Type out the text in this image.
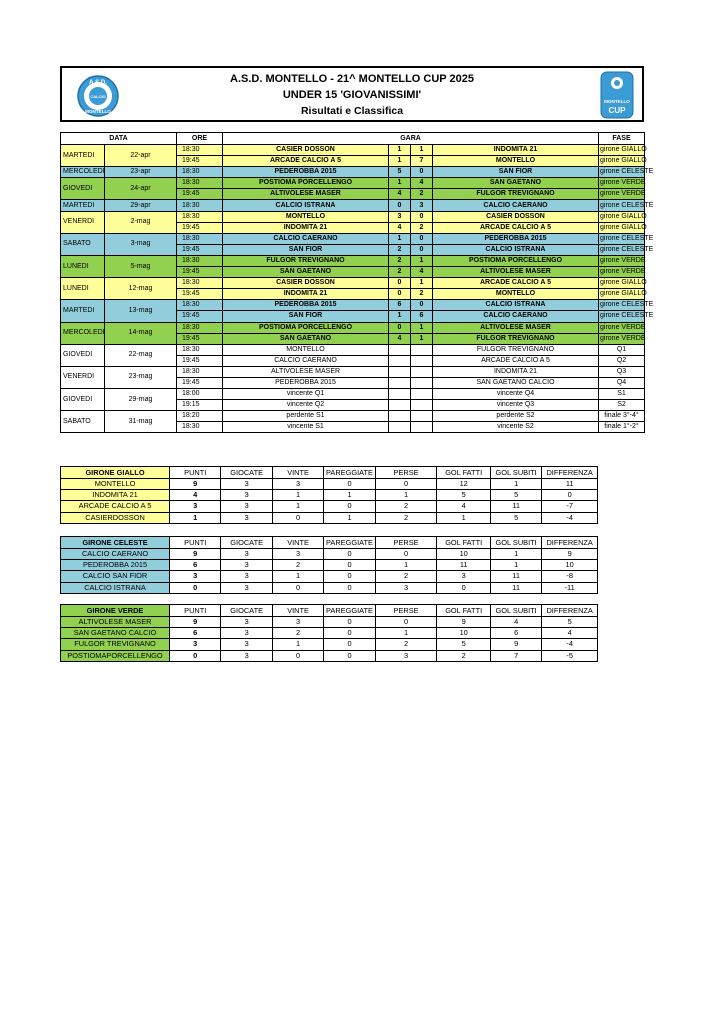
A.S.D.
CALCIO
MONTELLO
A.S.D. MONTELLO - 21^ MONTELLO CUP 2025
UNDER 15 'GIOVANISSIMI'
Risultati e Classifica
MONTELLO
CUP
DATA		ORE	GARA				FASE
MARTEDI	22-apr	18:30	CASIER DOSSON	1	1	INDOMITA 21	girone GIALLO
		19:45	ARCADE CALCIO A 5	1	7	MONTELLO	girone GIALLO
MERCOLEDI	23-apr	18:30	PEDEROBBA 2015	5	0	SAN FIOR	girone CELESTE
GIOVEDI	24-apr	18:30	POSTIOMA PORCELLENGO	1	4	SAN GAETANO	girone VERDE
		19:45	ALTIVOLESE MASER	4	2	FULGOR TREVIGNANO	girone VERDE
MARTEDI	29-apr	18:30	CALCIO ISTRANA	0	3	CALCIO CAERANO	girone CELESTE
VENERDI	2-mag	18:30	MONTELLO	3	0	CASIER DOSSON	girone GIALLO
		19:45	INDOMITA 21	4	2	ARCADE CALCIO A 5	girone GIALLO
SABATO	3-mag	18:30	CALCIO CAERANO	1	0	PEDEROBBA 2015	girone CELESTE
		19:45	SAN FIOR	2	0	CALCIO ISTRANA	girone CELESTE
LUNEDI	5-mag	18:30	FULGOR TREVIGNANO	2	1	POSTIOMA PORCELLENGO	girone VERDE
		19:45	SAN GAETANO	2	4	ALTIVOLESE MASER	girone VERDE
LUNEDI	12-mag	18:30	CASIER DOSSON	0	1	ARCADE CALCIO A 5	girone GIALLO
		19:45	INDOMITA 21	0	2	MONTELLO	girone GIALLO
MARTEDI	13-mag	18:30	PEDEROBBA 2015	6	0	CALCIO ISTRANA	girone CELESTE
		19:45	SAN FIOR	1	6	CALCIO CAERANO	girone CELESTE
MERCOLEDI	14-mag	18:30	POSTIOMA PORCELLENGO	0	1	ALTIVOLESE MASER	girone VERDE
		19:45	SAN GAETANO	4	1	FULGOR TREVIGNANO	girone VERDE
GIOVEDI	22-mag	18:30	MONTELLO			FULGOR TREVIGNANO	Q1
		19:45	CALCIO CAERANO			ARCADE CALCIO A 5	Q2
VENERDI	23-mag	18:30	ALTIVOLESE MASER			INDOMITA 21	Q3
		19:45	PEDEROBBA 2015			SAN GAETANO CALCIO	Q4
GIOVEDI	29-mag	18:00	vincente Q1			vincente Q4	S1
		19:15	vincente Q2			vincente Q3	S2
SABATO	31-mag	18:20	perdente S1			perdente S2	finale 3°-4°
		18:30	vincente S1			vincente S2	finale 1°-2°
GIRONE GIALLO	PUNTI	GIOCATE	VINTE	PAREGGIATE	PERSE	GOL FATTI	GOL SUBITI	DIFFERENZA
MONTELLO	9	3	3	0	0	12	1	11
INDOMITA 21	4	3	1	1	1	5	5	0
ARCADE CALCIO A 5	3	3	1	0	2	4	11	-7
CASIERDOSSON	1	3	0	1	2	1	5	-4
GIRONE CELESTE	PUNTI	GIOCATE	VINTE	PAREGGIATE	PERSE	GOL FATTI	GOL SUBITI	DIFFERENZA
CALCIO CAERANO	9	3	3	0	0	10	1	9
PEDEROBBA 2015	6	3	2	0	1	11	1	10
CALCIO SAN FIOR	3	3	1	0	2	3	11	-8
CALCIO ISTRANA	0	3	0	0	3	0	11	-11
GIRONE VERDE	PUNTI	GIOCATE	VINTE	PAREGGIATE	PERSE	GOL FATTI	GOL SUBITI	DIFFERENZA
ALTIVOLESE MASER	9	3	3	0	0	9	4	5
SAN GAETANO CALCIO	6	3	2	0	1	10	6	4
FULGOR TREVIGNANO	3	3	1	0	2	5	9	-4
POSTIOMAPORCELLENGO	0	3	0	0	3	2	7	-5
